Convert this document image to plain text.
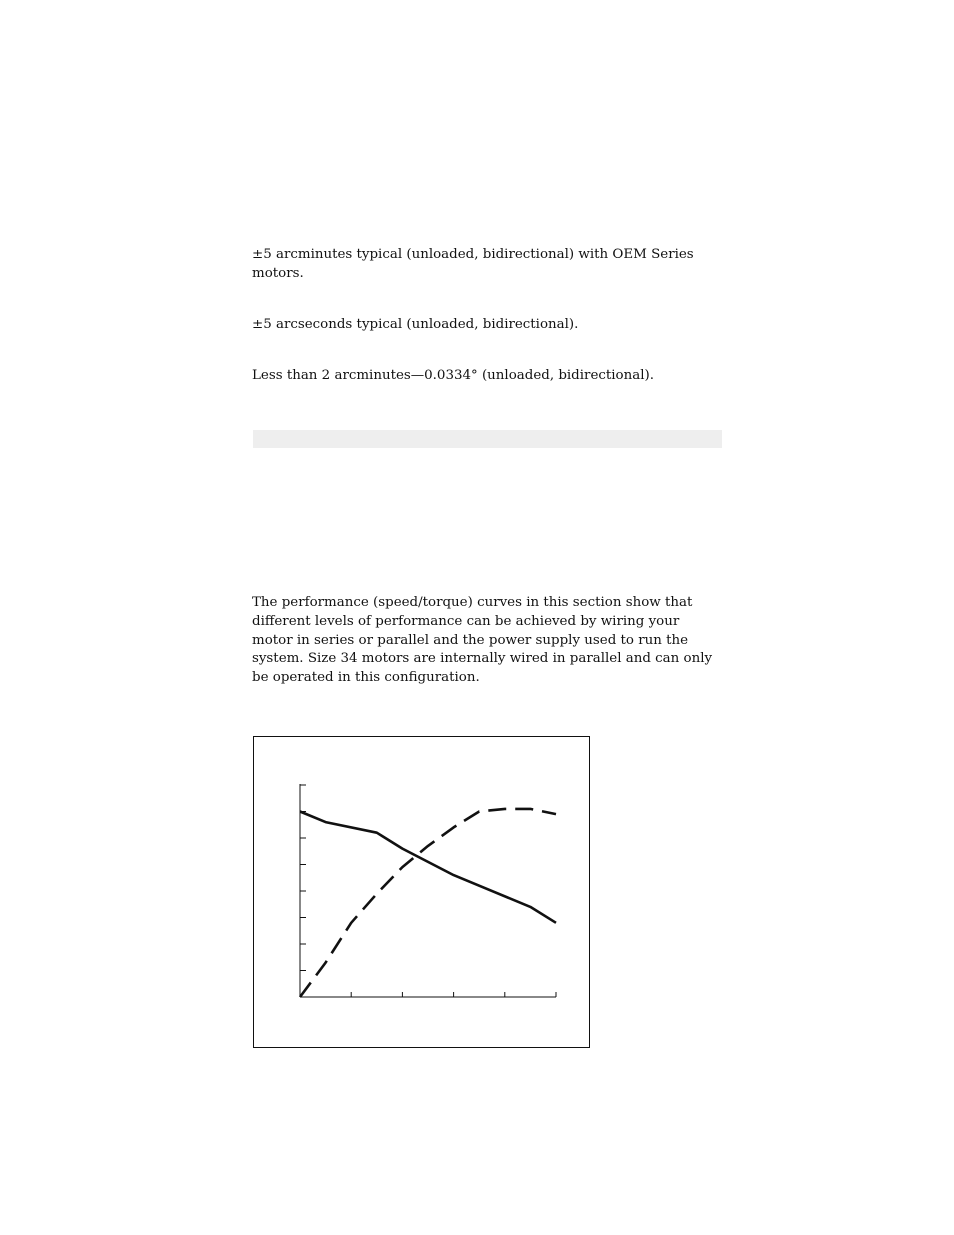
±5 arcminutes typical (unloaded, bidirectional) with OEM Series motors.

±5 arcseconds typical (unloaded, bidirectional).

Less than 2 arcminutes—0.0334° (unloaded, bidirectional).

The performance (speed/torque) curves in this section show that different levels of performance can be achieved by wiring your motor in series or parallel and the power supply used to run the system. Size 34 motors are internally wired in parallel and can only be operated in this configuration.
